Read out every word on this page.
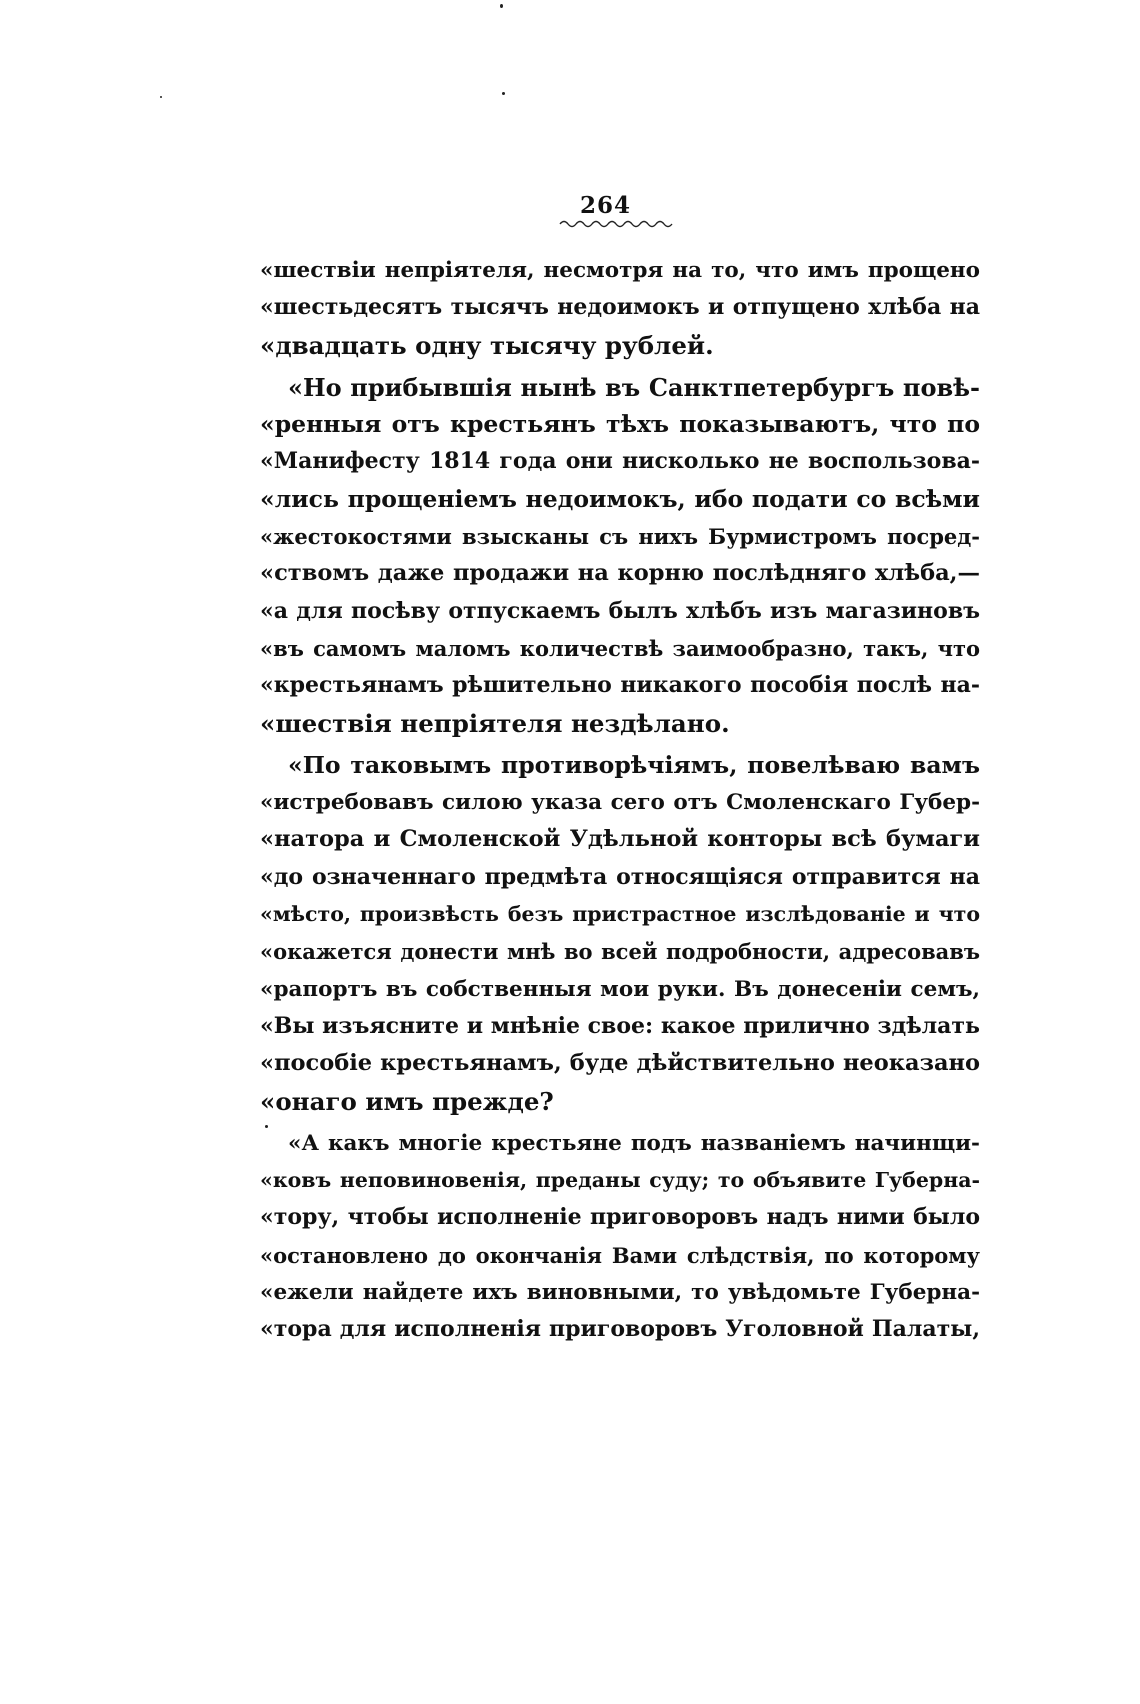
264
«шествіи непріятеля, несмотря на то, что имъ прощено
«шестьдесятъ тысячъ недоимокъ и отпущено хлѣба на
«двадцать одну тысячу рублей.
«Но прибывшія нынѣ въ Санктпетербургъ повѣ-
«ренныя отъ крестьянъ тѣхъ показываютъ, что по
«Манифесту 1814 года они нисколько не воспользова-
«лись прощеніемъ недоимокъ, ибо подати со всѣми
«жестокостями взысканы съ нихъ Бурмистромъ посред-
«ствомъ даже продажи на корню послѣдняго хлѣба,—
«а для посѣву отпускаемъ былъ хлѣбъ изъ магазиновъ
«въ самомъ маломъ количествѣ заимообразно, такъ, что
«крестьянамъ рѣшительно никакого пособія послѣ на-
«шествія непріятеля нездѣлано.
«По таковымъ противорѣчіямъ, повелѣваю вамъ
«истребовавъ силою указа сего отъ Смоленскаго Губер-
«натора и Смоленской Удѣльной конторы всѣ бумаги
«до означеннаго предмѣта относящіяся отправится на
«мѣсто, произвѣсть безъ пристрастное изслѣдованіе и что
«окажется донести мнѣ во всей подробности, адресовавъ
«рапортъ въ собственныя мои руки. Въ донесеніи семъ,
«Вы изъясните и мнѣніе свое: какое прилично здѣлать
«пособіе крестьянамъ, буде дѣйствительно неоказано
«онаго имъ прежде?
«А какъ многіе крестьяне подъ названіемъ начинщи-
«ковъ неповиновенія, преданы суду; то объявите Губерна-
«тору, чтобы исполненіе приговоровъ надъ ними было
«остановлено до окончанія Вами слѣдствія, по которому
«ежели найдете ихъ виновными, то увѣдомьте Губерна-
«тора для исполненія приговоровъ Уголовной Палаты,
